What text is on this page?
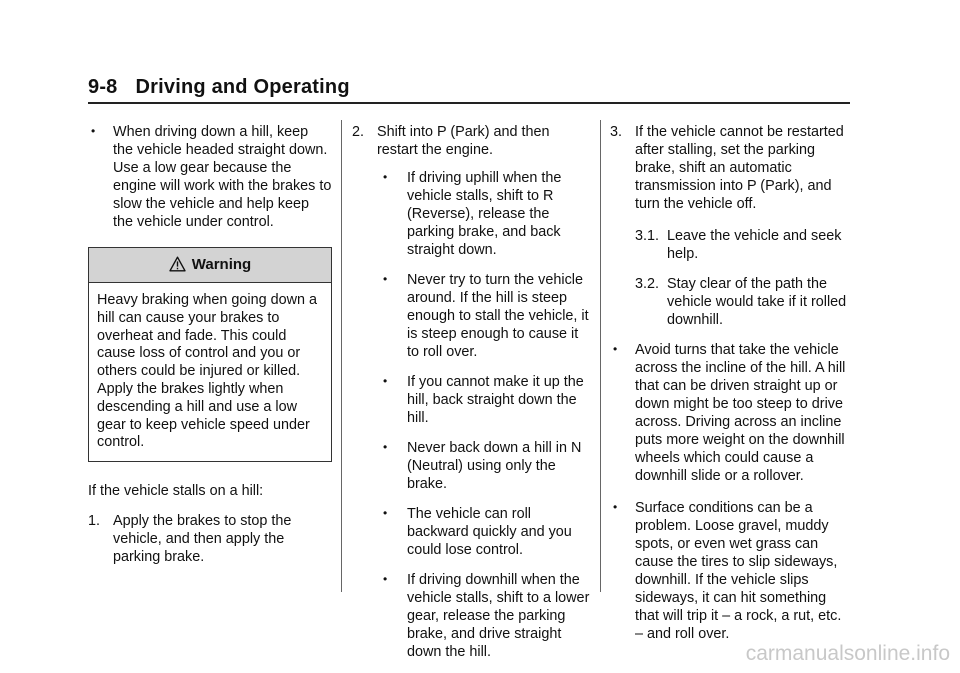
9-8 Driving and Operating
• When driving down a hill, keep the vehicle headed straight down. Use a low gear because the engine will work with the brakes to slow the vehicle and help keep the vehicle under control.

Warning
Heavy braking when going down a hill can cause your brakes to overheat and fade. This could cause loss of control and you or others could be injured or killed. Apply the brakes lightly when descending a hill and use a low gear to keep vehicle speed under control.

If the vehicle stalls on a hill:

1. Apply the brakes to stop the vehicle, and then apply the parking brake.

2. Shift into P (Park) and then restart the engine.

• If driving uphill when the vehicle stalls, shift to R (Reverse), release the parking brake, and back straight down.

• Never try to turn the vehicle around. If the hill is steep enough to stall the vehicle, it is steep enough to cause it to roll over.

• If you cannot make it up the hill, back straight down the hill.

• Never back down a hill in N (Neutral) using only the brake.

• The vehicle can roll backward quickly and you could lose control.

• If driving downhill when the vehicle stalls, shift to a lower gear, release the parking brake, and drive straight down the hill.

3. If the vehicle cannot be restarted after stalling, set the parking brake, shift an automatic transmission into P (Park), and turn the vehicle off.

3.1. Leave the vehicle and seek help.

3.2. Stay clear of the path the vehicle would take if it rolled downhill.

• Avoid turns that take the vehicle across the incline of the hill. A hill that can be driven straight up or down might be too steep to drive across. Driving across an incline puts more weight on the downhill wheels which could cause a downhill slide or a rollover.

• Surface conditions can be a problem. Loose gravel, muddy spots, or even wet grass can cause the tires to slip sideways, downhill. If the vehicle slips sideways, it can hit something that will trip it – a rock, a rut, etc. – and roll over.

carmanualsonline.info
